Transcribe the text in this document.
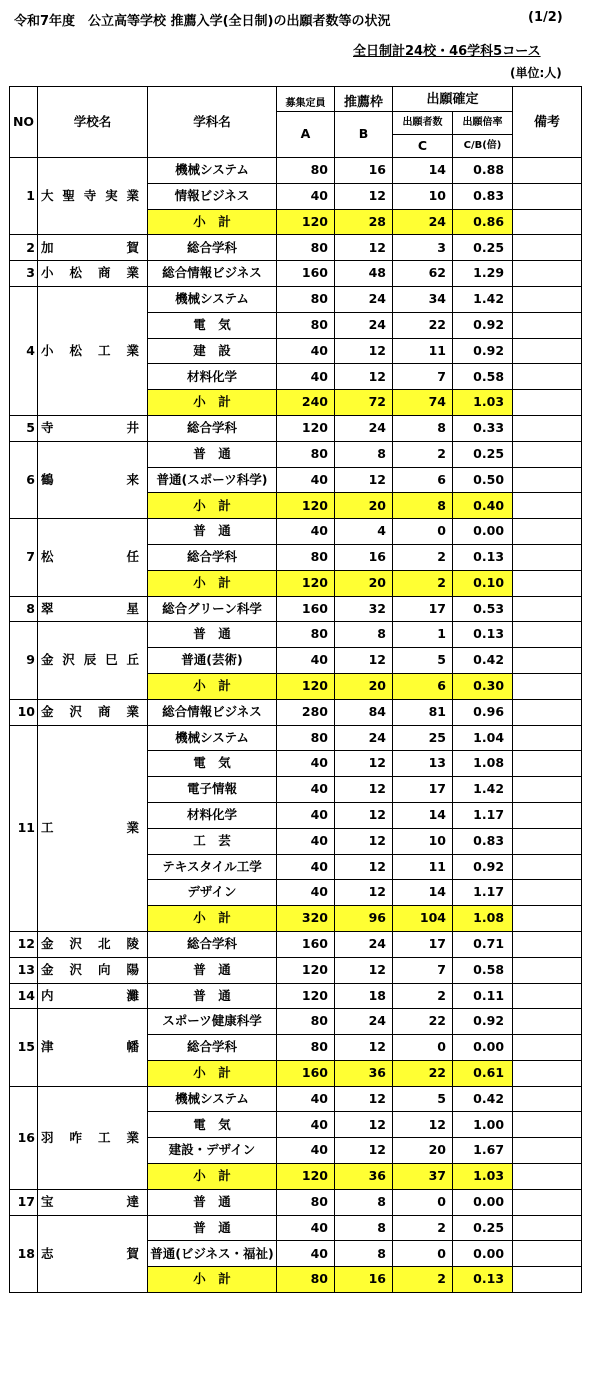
令和7年度　公立高等学校 推薦入学(全日制)の出願者数等の状況	(1/2)
全日制計24校・46学科5コース
(単位:人)
NO	学校名	学科名	募集定員	推薦枠	出願確定		備考
			A	B	出願者数	出願倍率	
					C	C/B(倍)	
1	大 聖 寺 実 業	機械システム	80	16	14	0.88	
		情報ビジネス	40	12	10	0.83	
		小　計	120	28	24	0.86	
2	加 賀	総合学科	80	12	3	0.25	
3	小 松 商 業	総合情報ビジネス	160	48	62	1.29	
4	小 松 工 業	機械システム	80	24	34	1.42	
		電　気	80	24	22	0.92	
		建　設	40	12	11	0.92	
		材料化学	40	12	7	0.58	
		小　計	240	72	74	1.03	
5	寺 井	総合学科	120	24	8	0.33	
6	鶴 来	普　通	80	8	2	0.25	
		普通(スポーツ科学)	40	12	6	0.50	
		小　計	120	20	8	0.40	
7	松 任	普　通	40	4	0	0.00	
		総合学科	80	16	2	0.13	
		小　計	120	20	2	0.10	
8	翠 星	総合グリーン科学	160	32	17	0.53	
9	金 沢 辰 巳 丘	普　通	80	8	1	0.13	
		普通(芸術)	40	12	5	0.42	
		小　計	120	20	6	0.30	
10	金 沢 商 業	総合情報ビジネス	280	84	81	0.96	
11	工 業	機械システム	80	24	25	1.04	
		電　気	40	12	13	1.08	
		電子情報	40	12	17	1.42	
		材料化学	40	12	14	1.17	
		工　芸	40	12	10	0.83	
		テキスタイル工学	40	12	11	0.92	
		デザイン	40	12	14	1.17	
		小　計	320	96	104	1.08	
12	金 沢 北 陵	総合学科	160	24	17	0.71	
13	金 沢 向 陽	普　通	120	12	7	0.58	
14	内 灘	普　通	120	18	2	0.11	
15	津 幡	スポーツ健康科学	80	24	22	0.92	
		総合学科	80	12	0	0.00	
		小　計	160	36	22	0.61	
16	羽 咋 工 業	機械システム	40	12	5	0.42	
		電　気	40	12	12	1.00	
		建設・デザイン	40	12	20	1.67	
		小　計	120	36	37	1.03	
17	宝 達	普　通	80	8	0	0.00	
18	志 賀	普　通	40	8	2	0.25	
		普通(ビジネス・福祉)	40	8	0	0.00	
		小　計	80	16	2	0.13	
